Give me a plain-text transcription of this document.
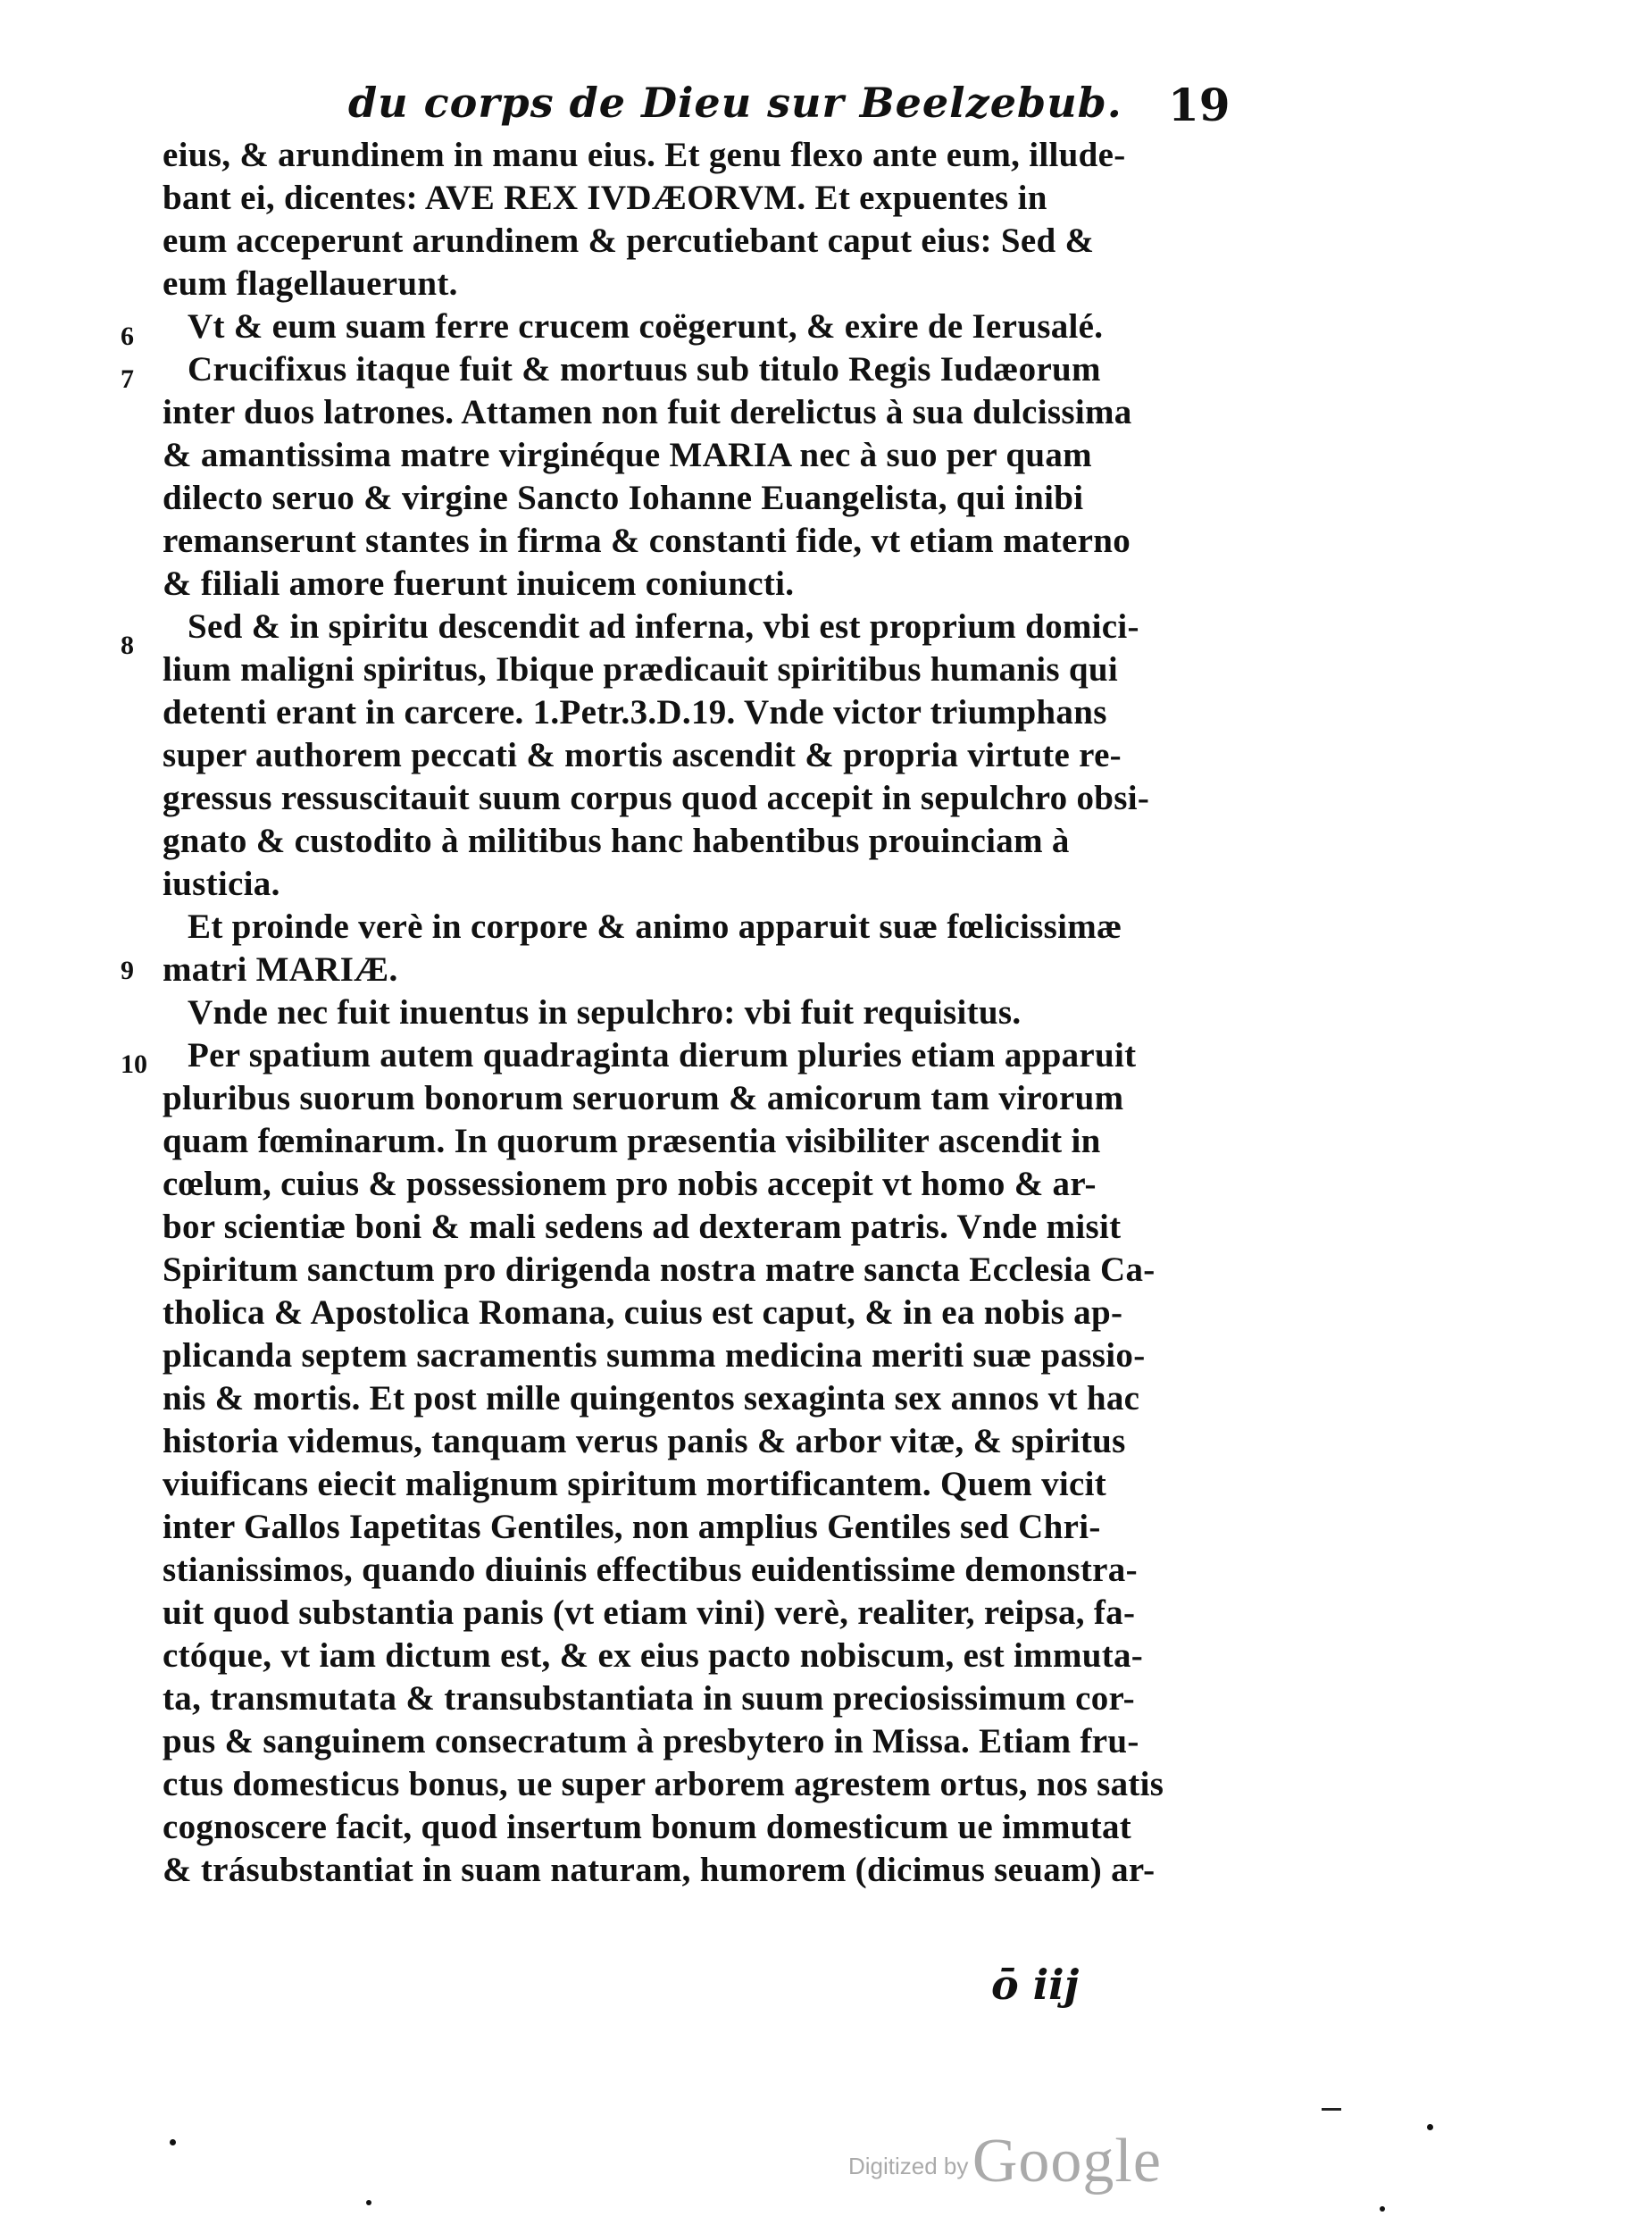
du corps de Dieu sur Beelzebub.	19
6
7
8
9
10
eius, & arundinem in manu eius. Et genu flexo ante eum, illude-
bant ei, dicentes: AVE REX IVDÆORVM. Et expuentes in
eum acceperunt arundinem & percutiebant caput eius: Sed &
eum flagellauerunt.
Vt & eum suam ferre crucem coëgerunt, & exire de Ierusalé.
Crucifixus itaque fuit & mortuus sub titulo Regis Iudæorum
inter duos latrones. Attamen non fuit derelictus à sua dulcissima
& amantissima matre virginéque MARIA nec à suo per quam
dilecto seruo & virgine Sancto Iohanne Euangelista, qui inibi
remanserunt stantes in firma & constanti fide, vt etiam materno
& filiali amore fuerunt inuicem coniuncti.
Sed & in spiritu descendit ad inferna, vbi est proprium domici-
lium maligni spiritus, Ibique prædicauit spiritibus humanis qui
detenti erant in carcere. 1.Petr.3.D.19. Vnde victor triumphans
super authorem peccati & mortis ascendit & propria virtute re-
gressus ressuscitauit suum corpus quod accepit in sepulchro obsi-
gnato & custodito à militibus hanc habentibus prouinciam à
iusticia.
Et proinde verè in corpore & animo apparuit suæ fœlicissimæ
matri MARIÆ.
Vnde nec fuit inuentus in sepulchro: vbi fuit requisitus.
Per spatium autem quadraginta dierum pluries etiam apparuit
pluribus suorum bonorum seruorum & amicorum tam virorum
quam fœminarum. In quorum præsentia visibiliter ascendit in
cœlum, cuius & possessionem pro nobis accepit vt homo & ar-
bor scientiæ boni & mali sedens ad dexteram patris. Vnde misit
Spiritum sanctum pro dirigenda nostra matre sancta Ecclesia Ca-
tholica & Apostolica Romana, cuius est caput, & in ea nobis ap-
plicanda septem sacramentis summa medicina meriti suæ passio-
nis & mortis. Et post mille quingentos sexaginta sex annos vt hac
historia videmus, tanquam verus panis & arbor vitæ, & spiritus
viuificans eiecit malignum spiritum mortificantem. Quem vicit
inter Gallos Iapetitas Gentiles, non amplius Gentiles sed Chri-
stianissimos, quando diuinis effectibus euidentissime demonstra-
uit quod substantia panis (vt etiam vini) verè, realiter, reipsa, fa-
ctóque, vt iam dictum est, & ex eius pacto nobiscum, est immuta-
ta, transmutata & transubstantiata in suum preciosissimum cor-
pus & sanguinem consecratum à presbytero in Missa. Etiam fru-
ctus domesticus bonus, ue super arborem agrestem ortus, nos satis
cognoscere facit, quod insertum bonum domesticum ue immutat
& trásubstantiat in suam naturam, humorem (dicimus seuam) ar-
ō iij
Digitized by Google
